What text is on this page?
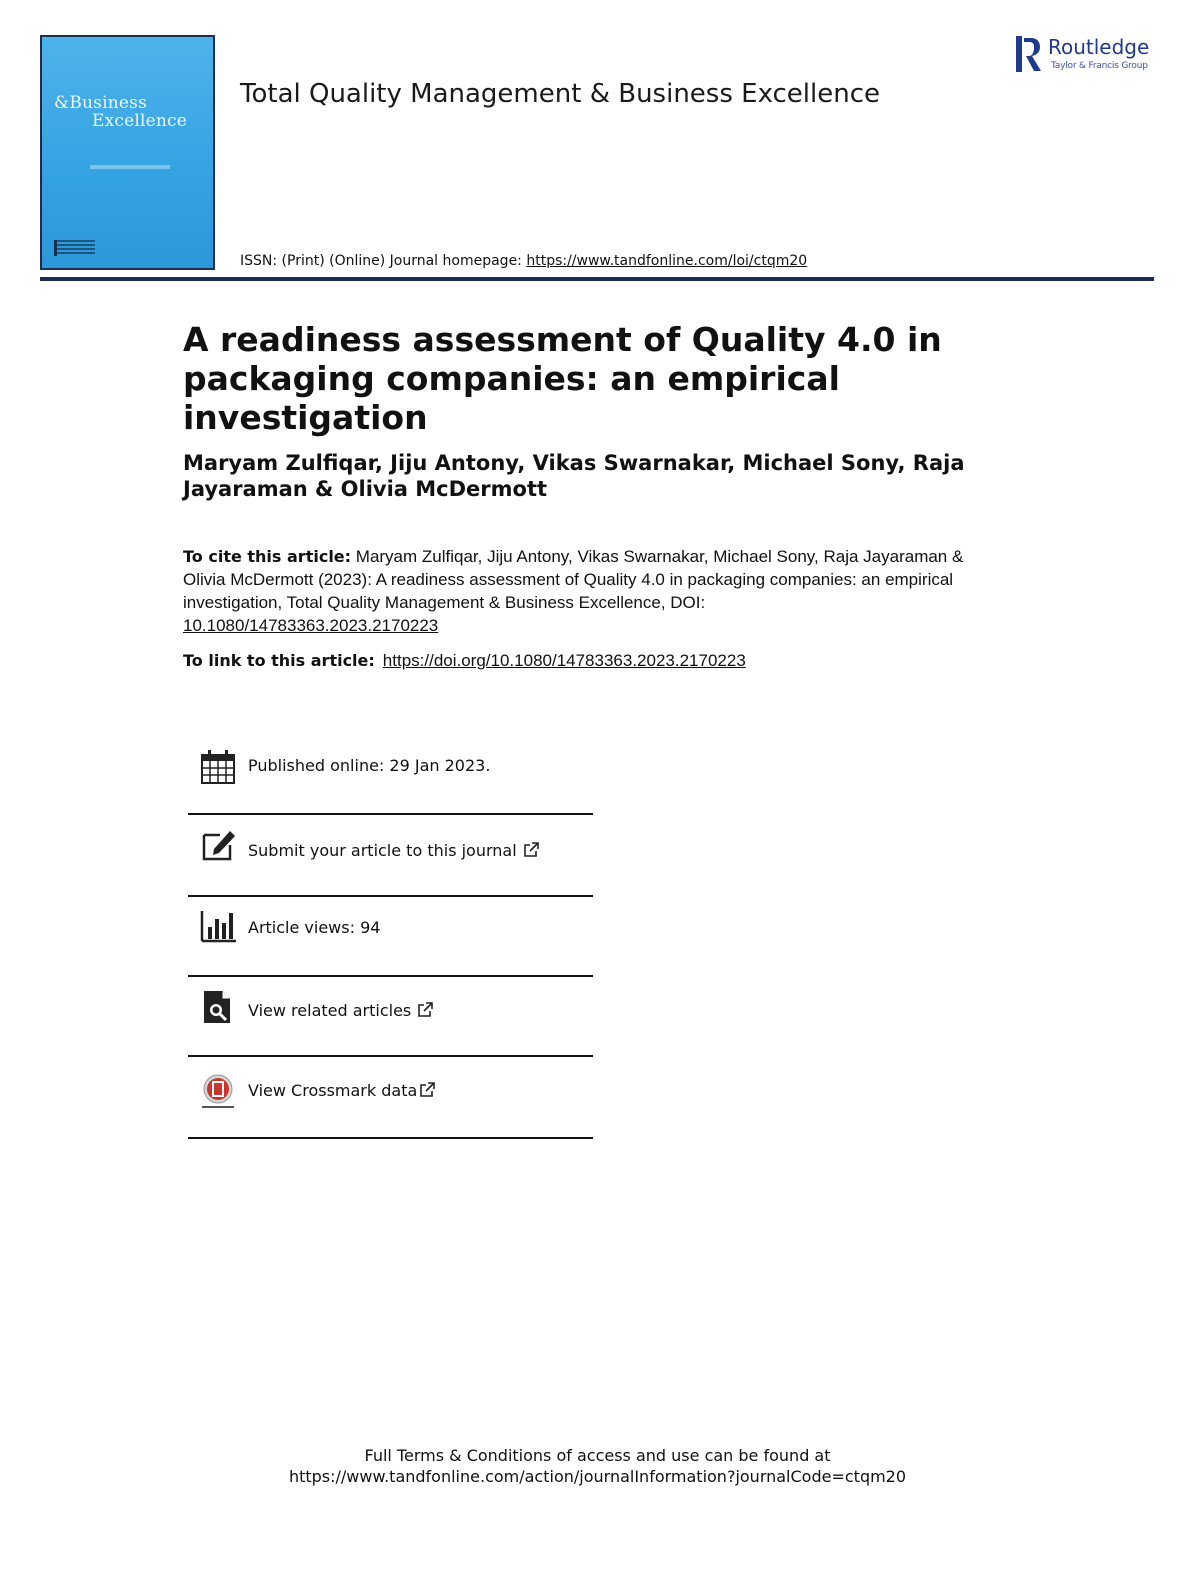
&Business
Excellence
Total Quality Management & Business Excellence
ISSN: (Print) (Online) Journal homepage: https://www.tandfonline.com/loi/ctqm20
Routledge
Taylor & Francis Group
A readiness assessment of Quality 4.0 in packaging companies: an empirical investigation

Maryam Zulfiqar, Jiju Antony, Vikas Swarnakar, Michael Sony, Raja Jayaraman & Olivia McDermott

To cite this article: Maryam Zulfiqar, Jiju Antony, Vikas Swarnakar, Michael Sony, Raja Jayaraman & Olivia McDermott (2023): A readiness assessment of Quality 4.0 in packaging companies: an empirical investigation, Total Quality Management & Business Excellence, DOI:
10.1080/14783363.2023.2170223
To link to this article: https://doi.org/10.1080/14783363.2023.2170223
Published online: 29 Jan 2023.
Submit your article to this journal
Article views: 94
View related articles
View Crossmark data
Full Terms & Conditions of access and use can be found at
https://www.tandfonline.com/action/journalInformation?journalCode=ctqm20
